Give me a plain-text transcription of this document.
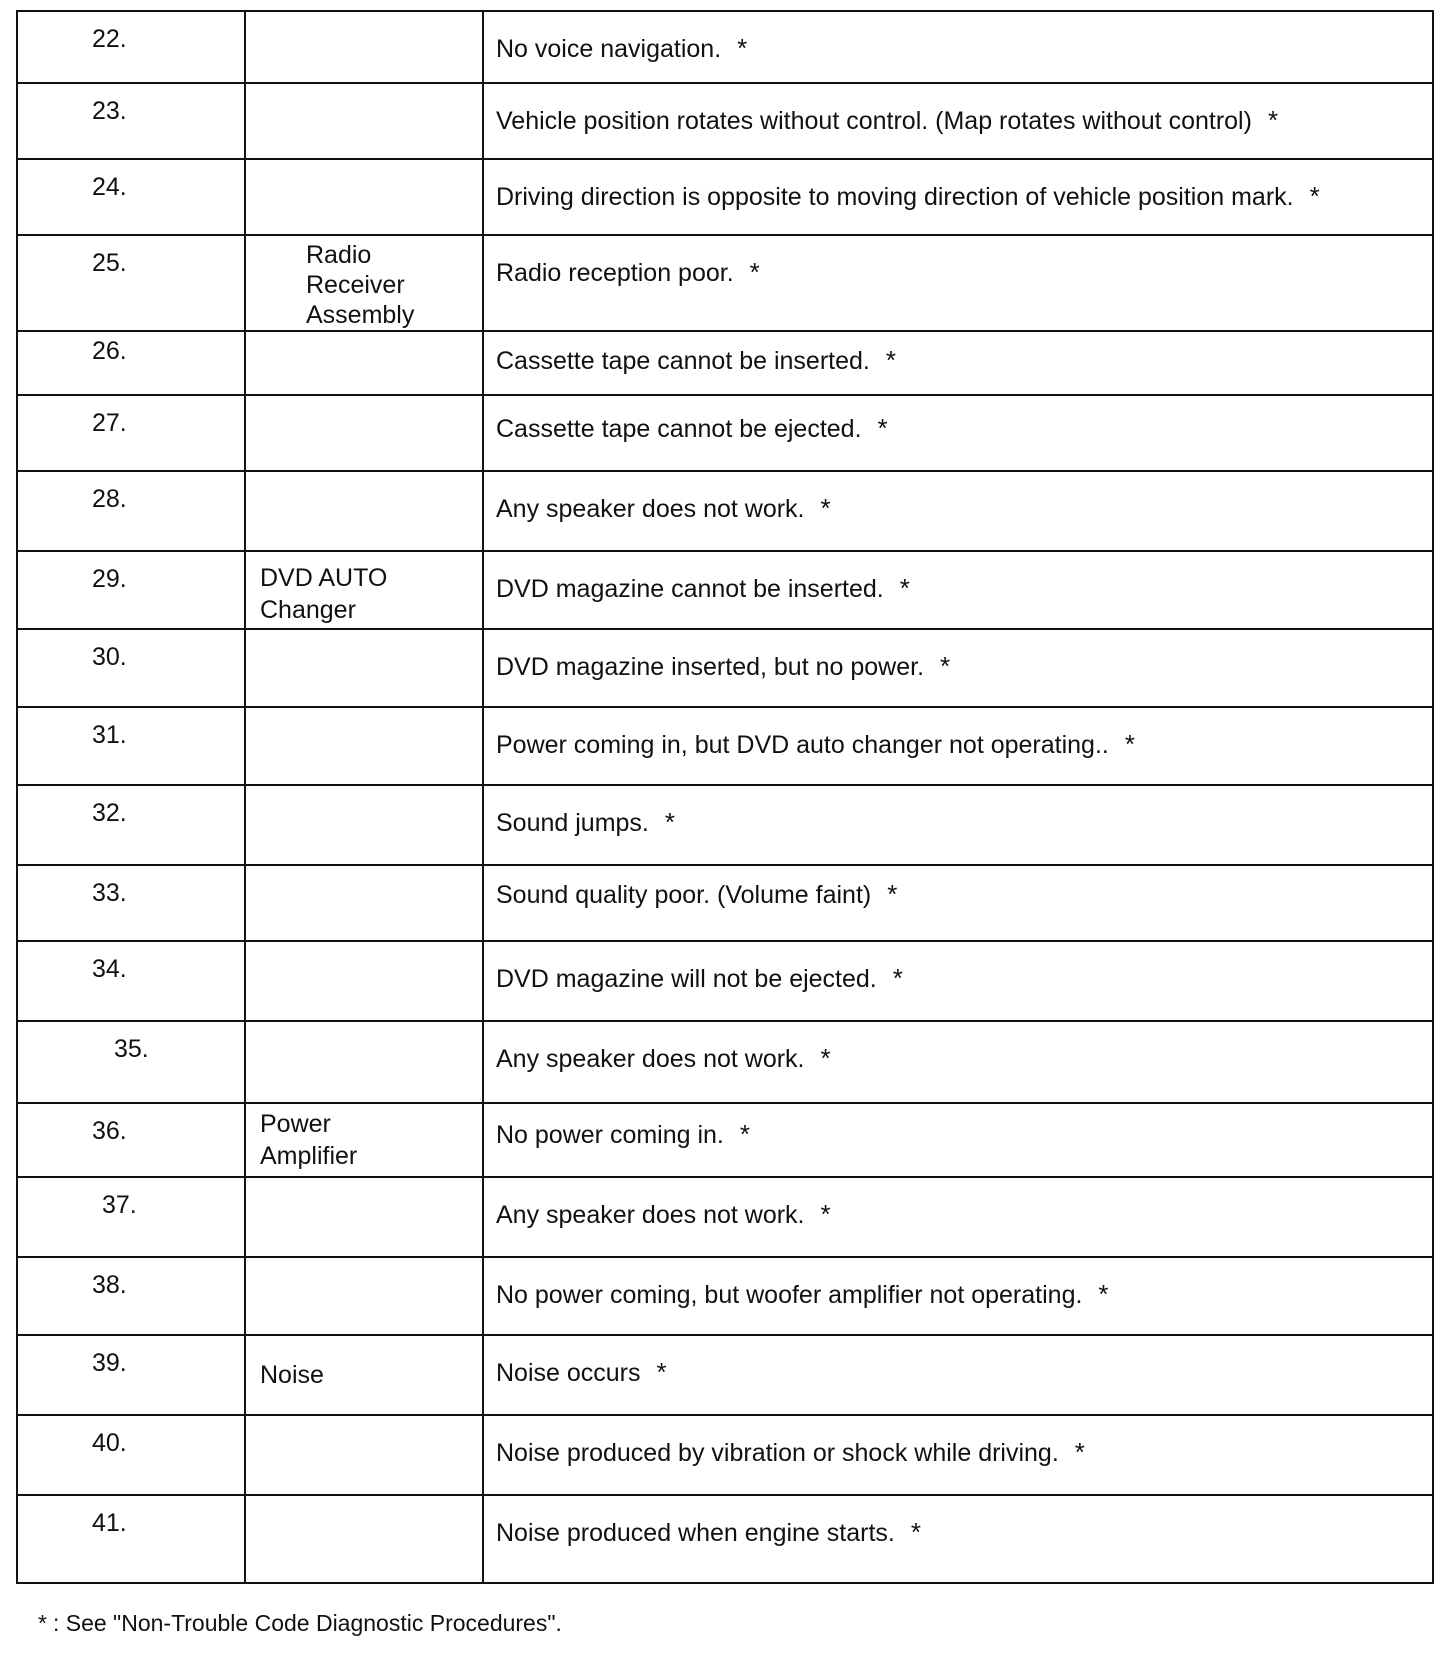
22.		No voice navigation. *

23.		Vehicle position rotates without control. (Map rotates without control) *

24.		Driving direction is opposite to moving direction of vehicle position mark. *

25.	Radio Receiver Assembly	Radio reception poor. *

26.		Cassette tape cannot be inserted. *

27.		Cassette tape cannot be ejected. *

28.		Any speaker does not work. *

29.	DVD AUTO Changer	DVD magazine cannot be inserted. *

30.		DVD magazine inserted, but no power. *

31.		Power coming in, but DVD auto changer not operating.. *

32.		Sound jumps. *

33.		Sound quality poor. (Volume faint) *

34.		DVD magazine will not be ejected. *

35.		Any speaker does not work. *

36.	Power Amplifier	No power coming in. *

37.		Any speaker does not work. *

38.		No power coming, but woofer amplifier not operating. *

39.	Noise	Noise occurs *

40.		Noise produced by vibration or shock while driving. *

41.		Noise produced when engine starts. *
* : See "Non-Trouble Code Diagnostic Procedures".
